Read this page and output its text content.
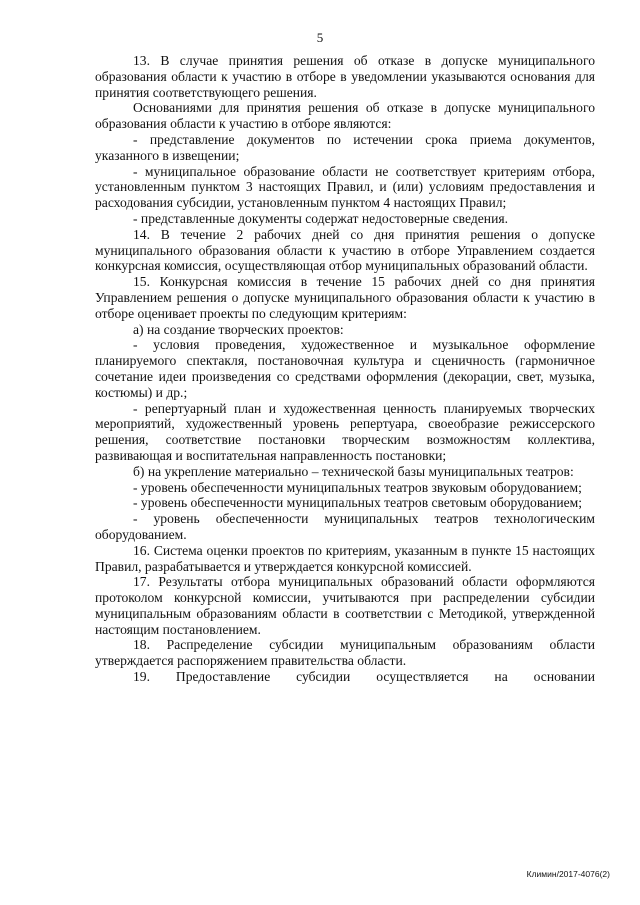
5

13. В случае принятия решения об отказе в допуске муниципального образования области к участию в отборе в уведомлении указываются основания для принятия соответствующего решения.

Основаниями для принятия решения об отказе в допуске муниципального образования области к участию в отборе являются:

- представление документов по истечении срока приема документов, указанного в извещении;

- муниципальное образование области не соответствует критериям отбора, установленным пунктом 3 настоящих Правил, и (или) условиям предоставления и расходования субсидии, установленным пунктом 4 настоящих Правил;

- представленные документы содержат недостоверные сведения.

14. В течение 2 рабочих дней со дня принятия решения о допуске муниципального образования области к участию в отборе Управлением создается конкурсная комиссия, осуществляющая отбор муниципальных образований области.

15. Конкурсная комиссия в течение 15 рабочих дней со дня принятия Управлением решения о допуске муниципального образования области к участию в отборе оценивает проекты по следующим критериям:

а) на создание творческих проектов:

- условия проведения, художественное и музыкальное оформление планируемого спектакля, постановочная культура и сценичность (гармоничное сочетание идеи произведения со средствами оформления (декорации, свет, музыка, костюмы) и др.;

- репертуарный план и художественная ценность планируемых творческих мероприятий, художественный уровень репертуара, своеобразие режиссерского решения, соответствие постановки творческим возможностям коллектива, развивающая и воспитательная направленность постановки;

б) на укрепление материально – технической базы муниципальных театров:

- уровень обеспеченности муниципальных театров звуковым оборудованием;

- уровень обеспеченности муниципальных театров световым оборудованием;

- уровень обеспеченности муниципальных театров технологическим оборудованием.

16. Система оценки проектов по критериям, указанным в пункте 15 настоящих Правил, разрабатывается и утверждается конкурсной комиссией.

17. Результаты отбора муниципальных образований области оформляются протоколом конкурсной комиссии, учитываются при распределении субсидии муниципальным образованиям области в соответствии с Методикой, утвержденной настоящим постановлением.

18. Распределение субсидии муниципальным образованиям области утверждается распоряжением правительства области.

19. Предоставление субсидии осуществляется на основании

Климин/2017-4076(2)
